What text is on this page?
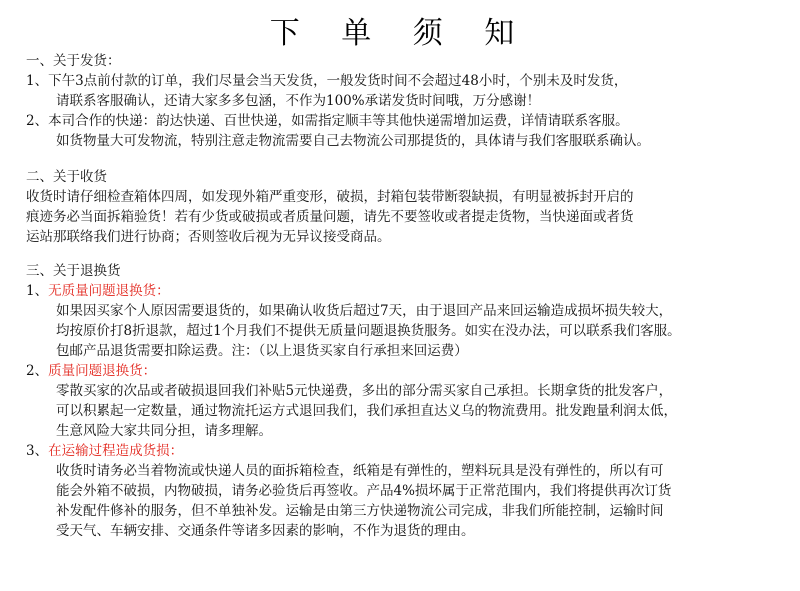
下 单 须 知
一、关于发货：
1、下午3点前付款的订单，我们尽量会当天发货，一般发货时间不会超过48小时，个别未及时发货，
请联系客服确认，还请大家多多包涵，不作为100%承诺发货时间哦，万分感谢！
2、本司合作的快递：韵达快递、百世快递，如需指定顺丰等其他快递需增加运费，详情请联系客服。
如货物量大可发物流，特别注意走物流需要自己去物流公司那提货的，具体请与我们客服联系确认。
二、关于收货
收货时请仔细检查箱体四周，如发现外箱严重变形，破损，封箱包装带断裂缺损，有明显被拆封开启的
痕迹务必当面拆箱验货！若有少货或破损或者质量问题，请先不要签收或者提走货物，当快递面或者货
运站那联络我们进行协商；否则签收后视为无异议接受商品。
三、关于退换货
1、无质量问题退换货：
如果因买家个人原因需要退货的，如果确认收货后超过7天，由于退回产品来回运输造成损坏损失较大，
均按原价打8折退款，超过1个月我们不提供无质量问题退换货服务。如实在没办法，可以联系我们客服。
包邮产品退货需要扣除运费。注：（以上退货买家自行承担来回运费）
2、质量问题退换货：
零散买家的次品或者破损退回我们补贴5元快递费，多出的部分需买家自己承担。长期拿货的批发客户，
可以积累起一定数量，通过物流托运方式退回我们，我们承担直达义乌的物流费用。批发跑量利润太低，
生意风险大家共同分担，请多理解。
3、在运输过程造成货损：
收货时请务必当着物流或快递人员的面拆箱检查，纸箱是有弹性的，塑料玩具是没有弹性的，所以有可
能会外箱不破损，内物破损，请务必验货后再签收。产品4%损坏属于正常范围内，我们将提供再次订货
补发配件修补的服务，但不单独补发。运输是由第三方快递物流公司完成，非我们所能控制，运输时间
受天气、车辆安排、交通条件等诸多因素的影响，不作为退货的理由。
